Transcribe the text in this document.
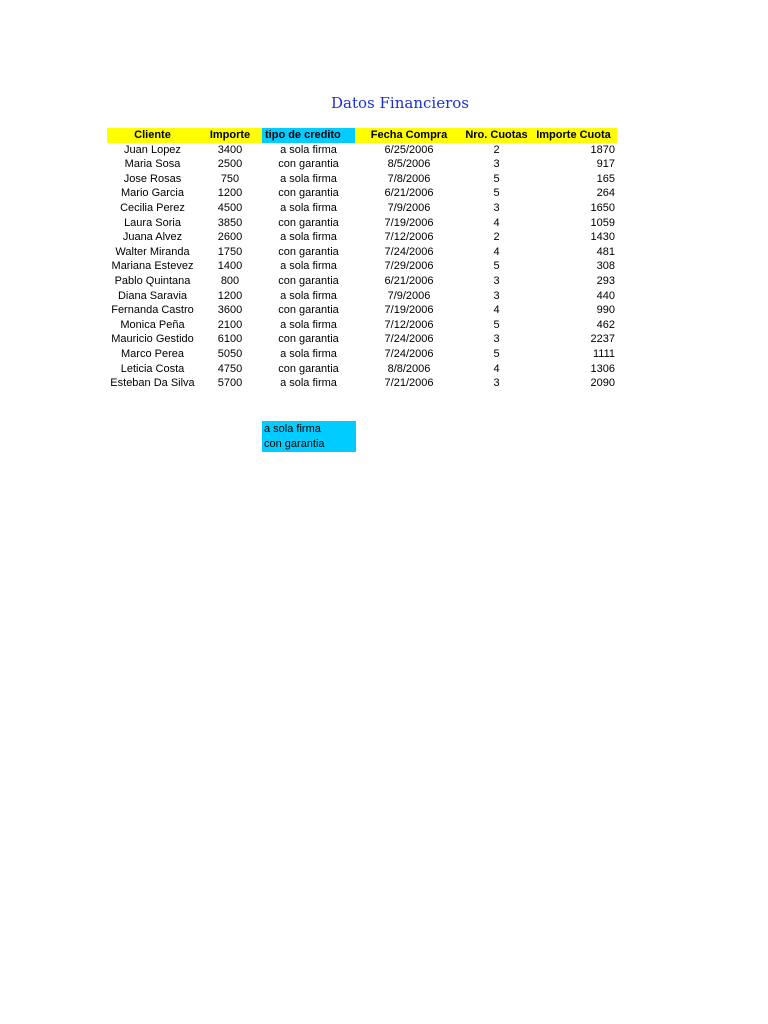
Datos Financieros
Cliente	Importe	tipo de credito	Fecha Compra	Nro. Cuotas	Importe Cuota
Juan Lopez	3400	a sola firma	6/25/2006	2	1870
Maria Sosa	2500	con garantia	8/5/2006	3	917
Jose Rosas	750	a sola firma	7/8/2006	5	165
Mario Garcia	1200	con garantia	6/21/2006	5	264
Cecilia Perez	4500	a sola firma	7/9/2006	3	1650
Laura Soria	3850	con garantia	7/19/2006	4	1059
Juana Alvez	2600	a sola firma	7/12/2006	2	1430
Walter Miranda	1750	con garantia	7/24/2006	4	481
Mariana Estevez	1400	a sola firma	7/29/2006	5	308
Pablo Quintana	800	con garantia	6/21/2006	3	293
Diana Saravia	1200	a sola firma	7/9/2006	3	440
Fernanda Castro	3600	con garantia	7/19/2006	4	990
Monica Peña	2100	a sola firma	7/12/2006	5	462
Mauricio Gestido	6100	con garantia	7/24/2006	3	2237
Marco Perea	5050	a sola firma	7/24/2006	5	1111
Leticia Costa	4750	con garantia	8/8/2006	4	1306
Esteban Da Silva	5700	a sola firma	7/21/2006	3	2090
a sola firma
con garantia
